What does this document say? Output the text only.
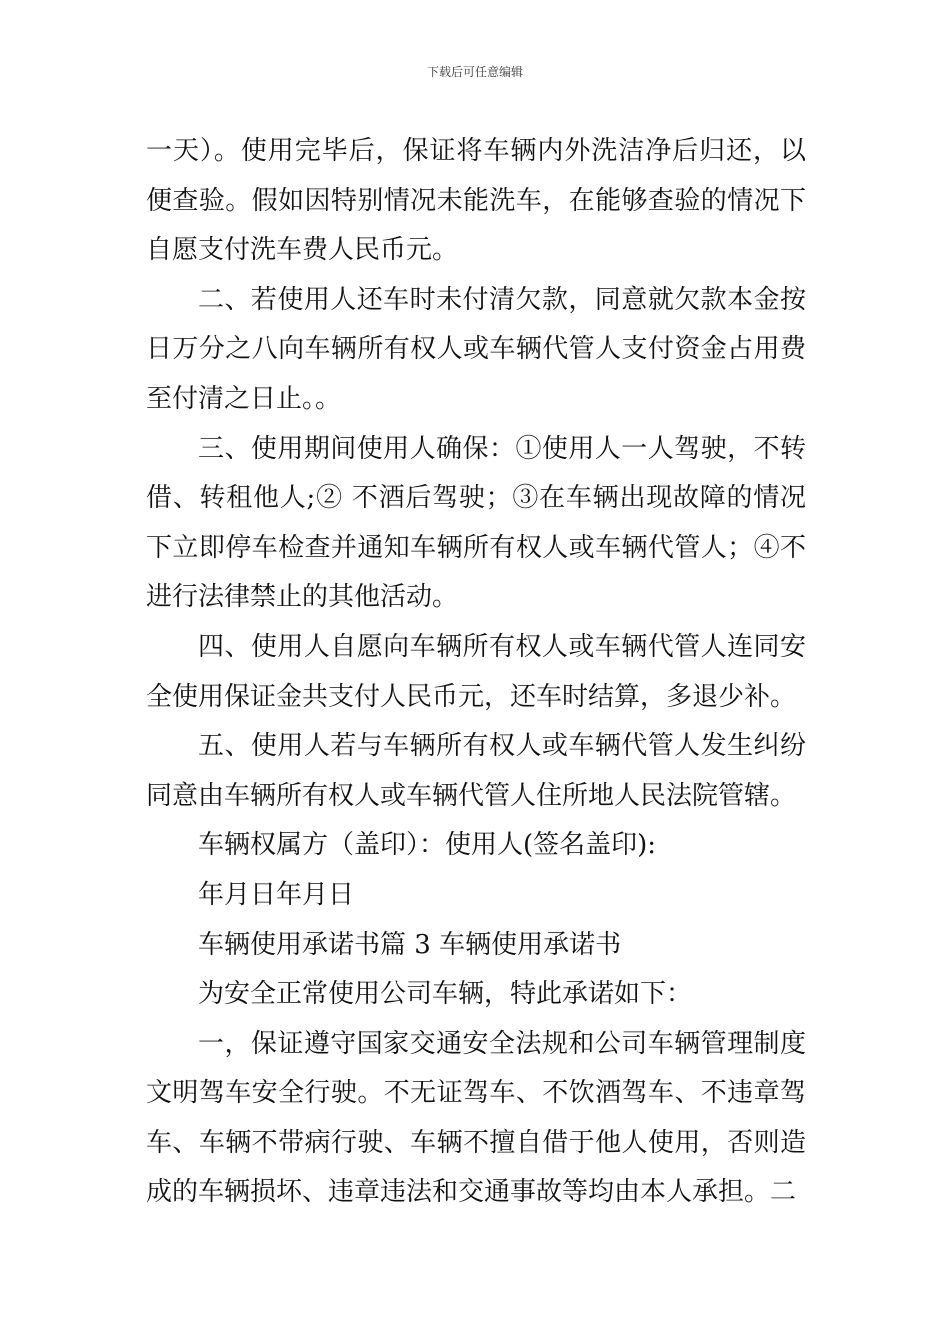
下载后可任意编辑

一天）。使用完毕后，保证将车辆内外洗洁净后归还，以便查验。假如因特别情况未能洗车，在能够查验的情况下自愿支付洗车费人民币元。

二、若使用人还车时未付清欠款，同意就欠款本金按日万分之八向车辆所有权人或车辆代管人支付资金占用费至付清之日止。。

三、使用期间使用人确保：①使用人一人驾驶，不转借、转租他人;② 不酒后驾驶；③在车辆出现故障的情况下立即停车检查并通知车辆所有权人或车辆代管人；④不进行法律禁止的其他活动。

四、使用人自愿向车辆所有权人或车辆代管人连同安全使用保证金共支付人民币元，还车时结算，多退少补。

五、使用人若与车辆所有权人或车辆代管人发生纠纷同意由车辆所有权人或车辆代管人住所地人民法院管辖。

车辆权属方（盖印）：使用人(签名盖印):

年月日年月日

车辆使用承诺书篇 3 车辆使用承诺书

为安全正常使用公司车辆，特此承诺如下：

一，保证遵守国家交通安全法规和公司车辆管理制度文明驾车安全行驶。不无证驾车、不饮酒驾车、不违章驾车、车辆不带病行驶、车辆不擅自借于他人使用，否则造成的车辆损坏、违章违法和交通事故等均由本人承担。二
